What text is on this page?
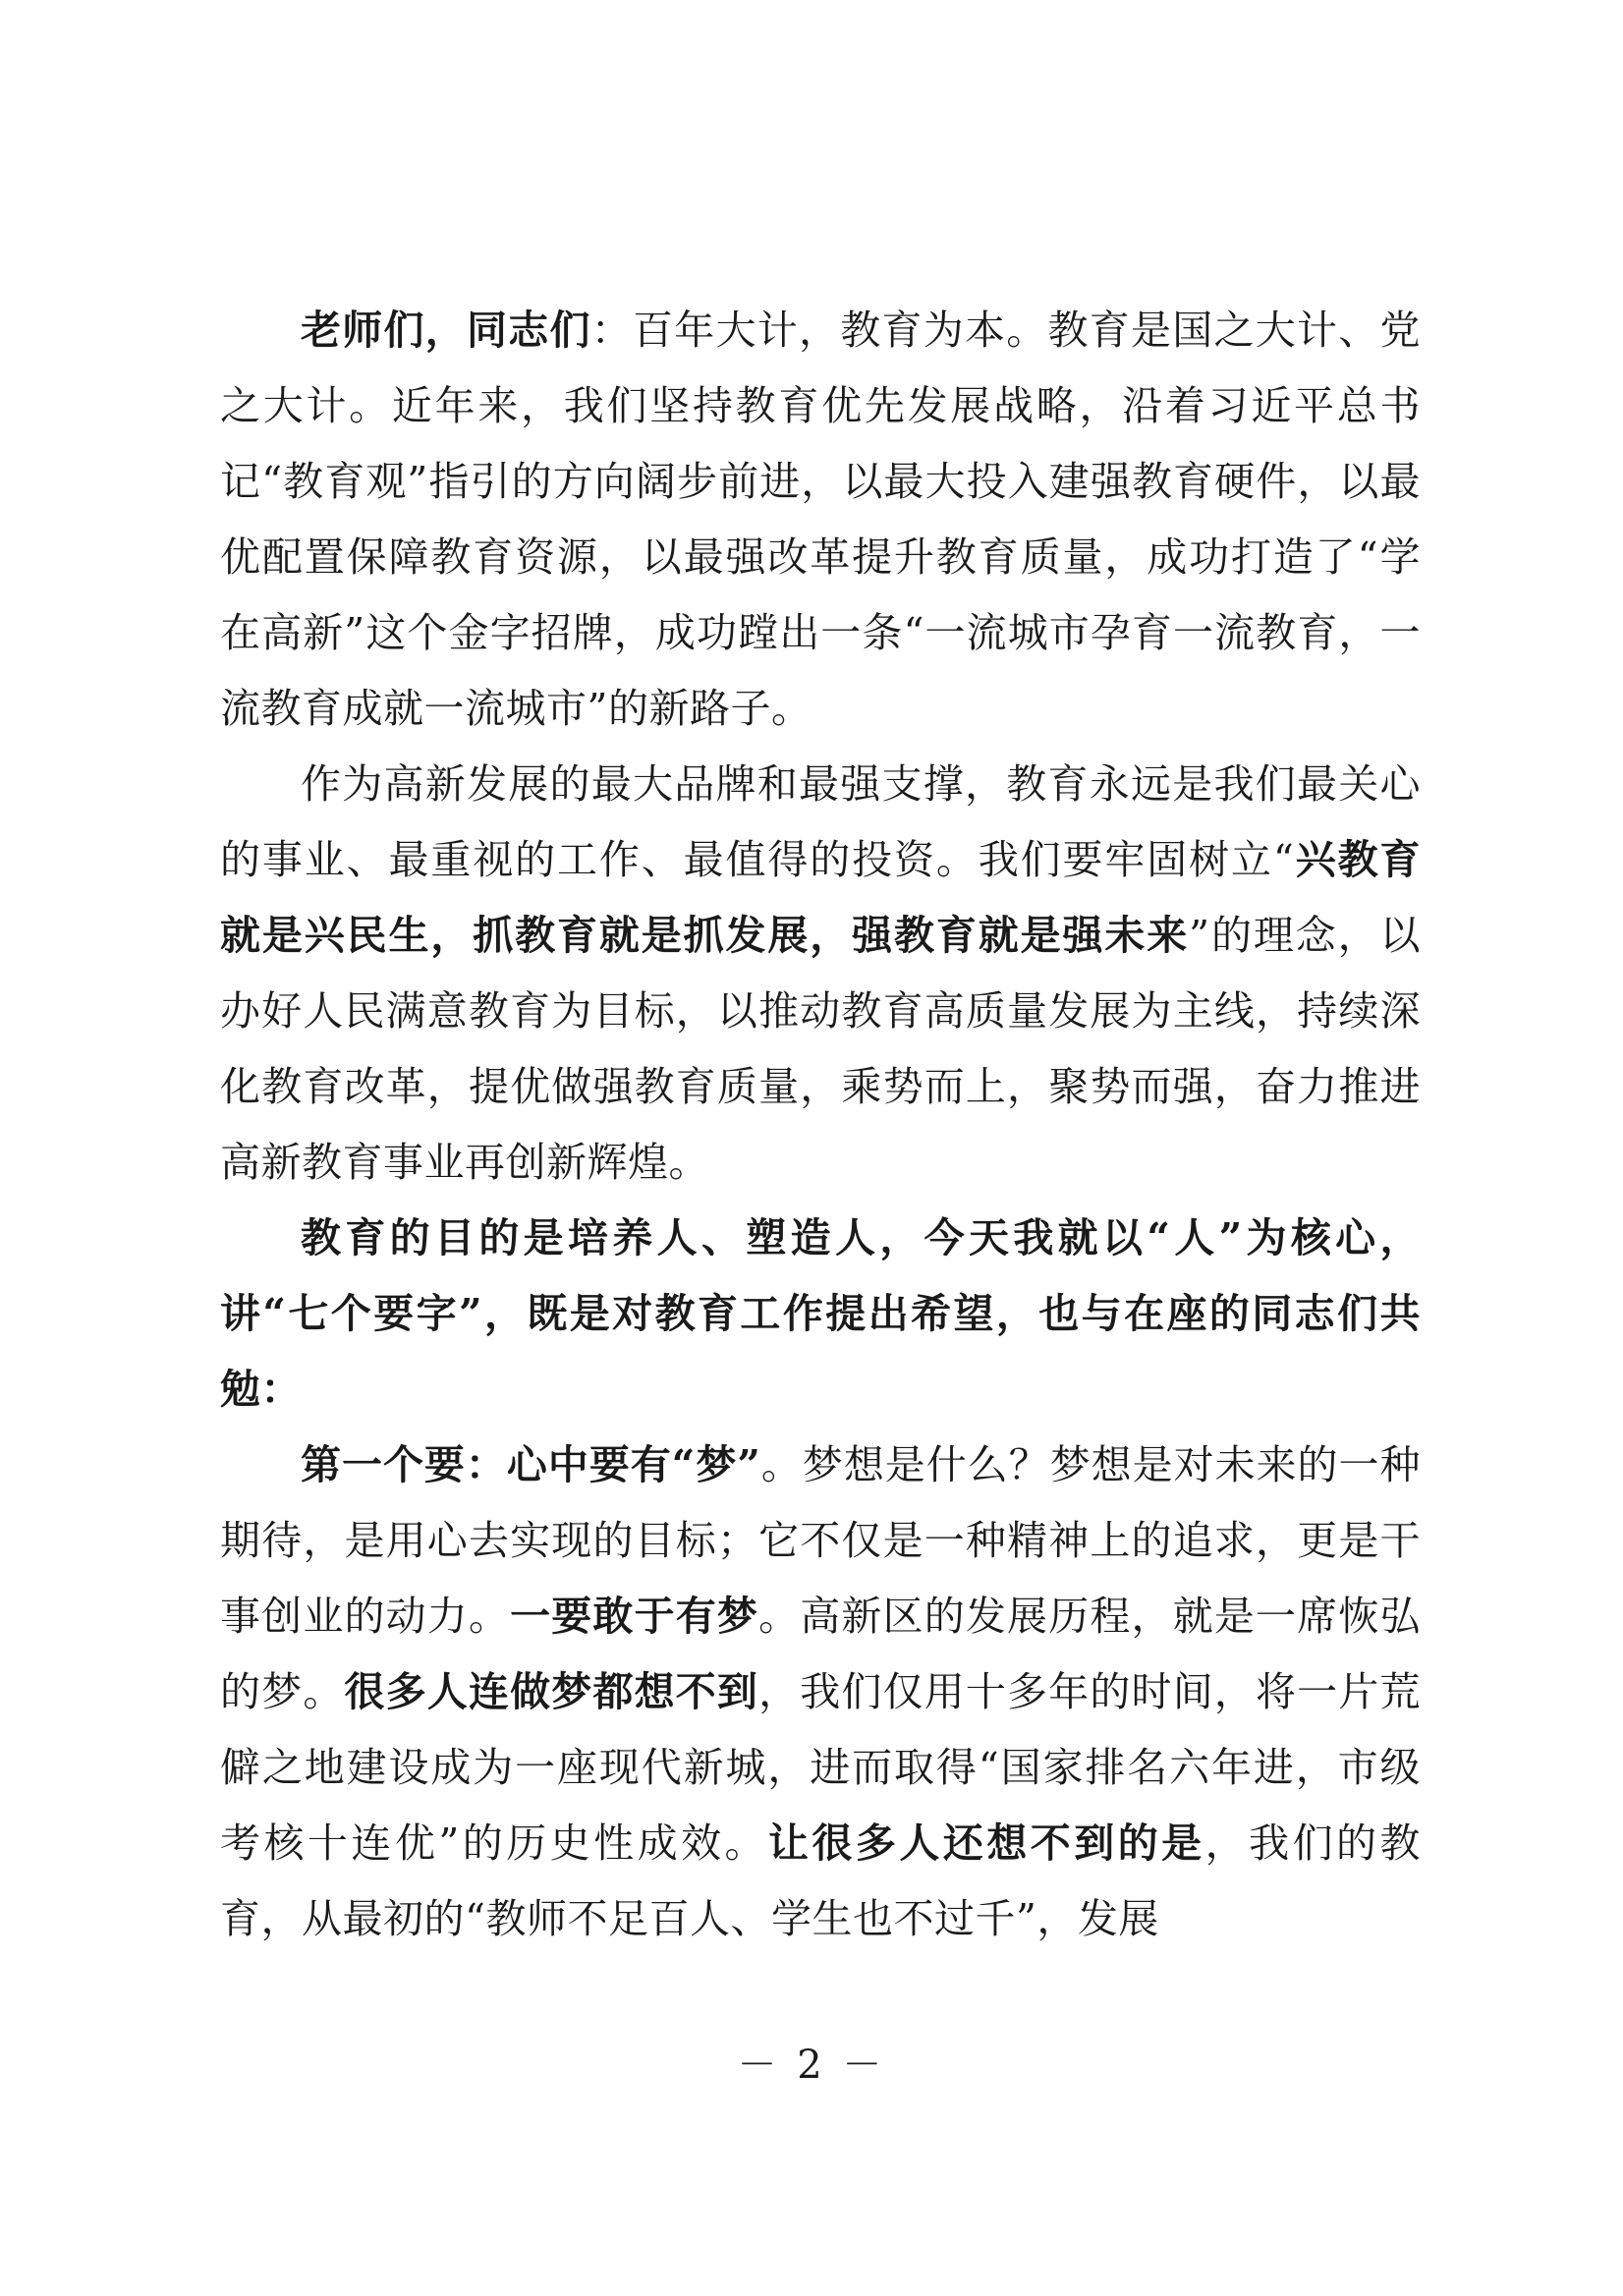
老师们，同志们：百年大计，教育为本。教育是国之大计、党之大计。近年来，我们坚持教育优先发展战略，沿着习近平总书记“教育观”指引的方向阔步前进，以最大投入建强教育硬件，以最优配置保障教育资源，以最强改革提升教育质量，成功打造了“学在高新”这个金字招牌，成功蹚出一条“一流城市孕育一流教育，一流教育成就一流城市”的新路子。

作为高新发展的最大品牌和最强支撑，教育永远是我们最关心的事业、最重视的工作、最值得的投资。我们要牢固树立“兴教育就是兴民生，抓教育就是抓发展，强教育就是强未来”的理念，以办好人民满意教育为目标，以推动教育高质量发展为主线，持续深化教育改革，提优做强教育质量，乘势而上，聚势而强，奋力推进高新教育事业再创新辉煌。

教育的目的是培养人、塑造人，今天我就以“人”为核心，讲“七个要字”，既是对教育工作提出希望，也与在座的同志们共勉：

第一个要：心中要有“梦”。梦想是什么？梦想是对未来的一种期待，是用心去实现的目标；它不仅是一种精神上的追求，更是干事创业的动力。一要敢于有梦。高新区的发展历程，就是一席恢弘的梦。很多人连做梦都想不到，我们仅用十多年的时间，将一片荒僻之地建设成为一座现代新城，进而取得“国家排名六年进，市级考核十连优”的历史性成效。让很多人还想不到的是，我们的教育，从最初的“教师不足百人、学生也不过千”，发展

－ 2 －
